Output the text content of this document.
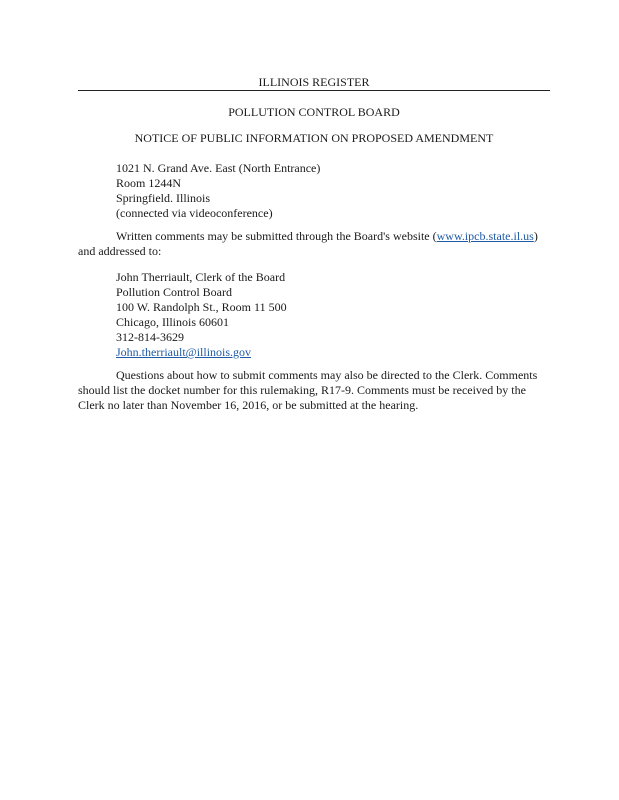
ILLINOIS REGISTER
POLLUTION CONTROL BOARD
NOTICE OF PUBLIC INFORMATION ON PROPOSED AMENDMENT
1021 N. Grand Ave. East (North Entrance)
Room 1244N
Springfield. Illinois
(connected via videoconference)

Written comments may be submitted through the Board's website (www.ipcb.state.il.us)

and addressed to:
John Therriault, Clerk of the Board
Pollution Control Board
100 W. Randolph St., Room 11 500
Chicago, Illinois 60601
312-814-3629
John.therriault@illinois.gov
Questions about how to submit comments may also be directed to the Clerk. Comments
should list the docket number for this rulemaking, R17-9. Comments must be received by the
Clerk no later than November 16, 2016, or be submitted at the hearing.
